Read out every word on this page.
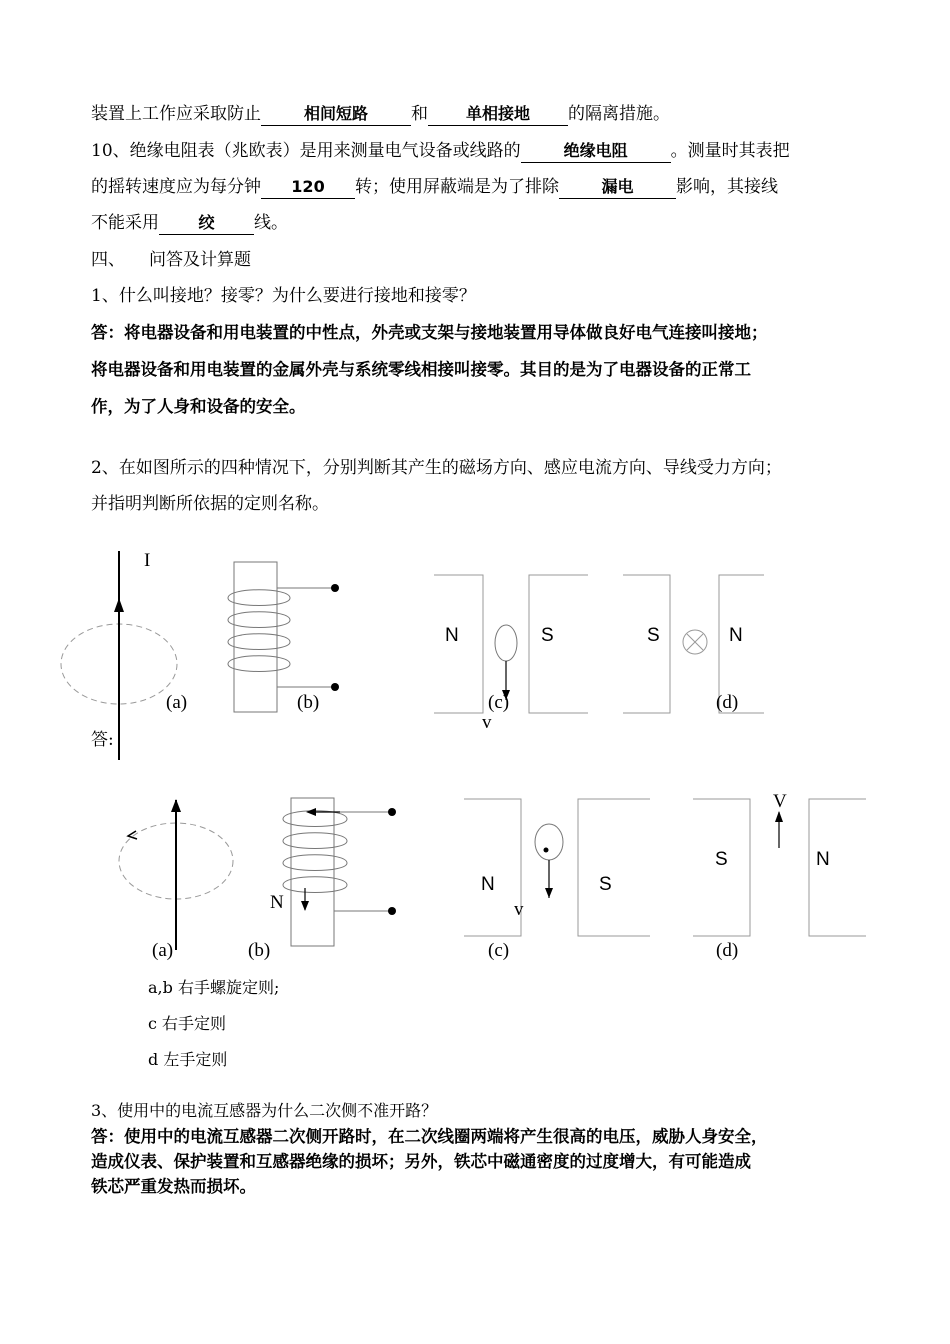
装置上工作应采取防止	相间短路	和 单相接地 的隔离措施。
10、绝缘电阻表（兆欧表）是用来测量电气设备或线路的	绝缘电阻	。测量时其表把
的摇转速度应为每分钟 120 转；使用屏蔽端是为了排除	漏电	影响，其接线
不能采用 绞 线。
四、 问答及计算题
1、什么叫接地？接零？为什么要进行接地和接零？
答：将电器设备和用电装置的中性点，外壳或支架与接地装置用导体做良好电气连接叫接地；
将电器设备和用电装置的金属外壳与系统零线相接叫接零。其目的是为了电器设备的正常工
作，为了人身和设备的安全。
2、在如图所示的四种情况下，分别判断其产生的磁场方向、感应电流方向、导线受力方向；
并指明判断所依据的定则名称。
I
(a)	(b)
N	S
v
(c)
S	N
(d)
(a)
N
(b)
N	S
v
(c)
V
S	N
(d)
答:
a,b 右手螺旋定则;
c 右手定则
d 左手定则
3、使用中的电流互感器为什么二次侧不准开路？
答：使用中的电流互感器二次侧开路时，在二次线圈两端将产生很高的电压，威胁人身安全，
造成仪表、保护装置和互感器绝缘的损坏；另外，铁芯中磁通密度的过度增大，有可能造成
铁芯严重发热而损坏。
